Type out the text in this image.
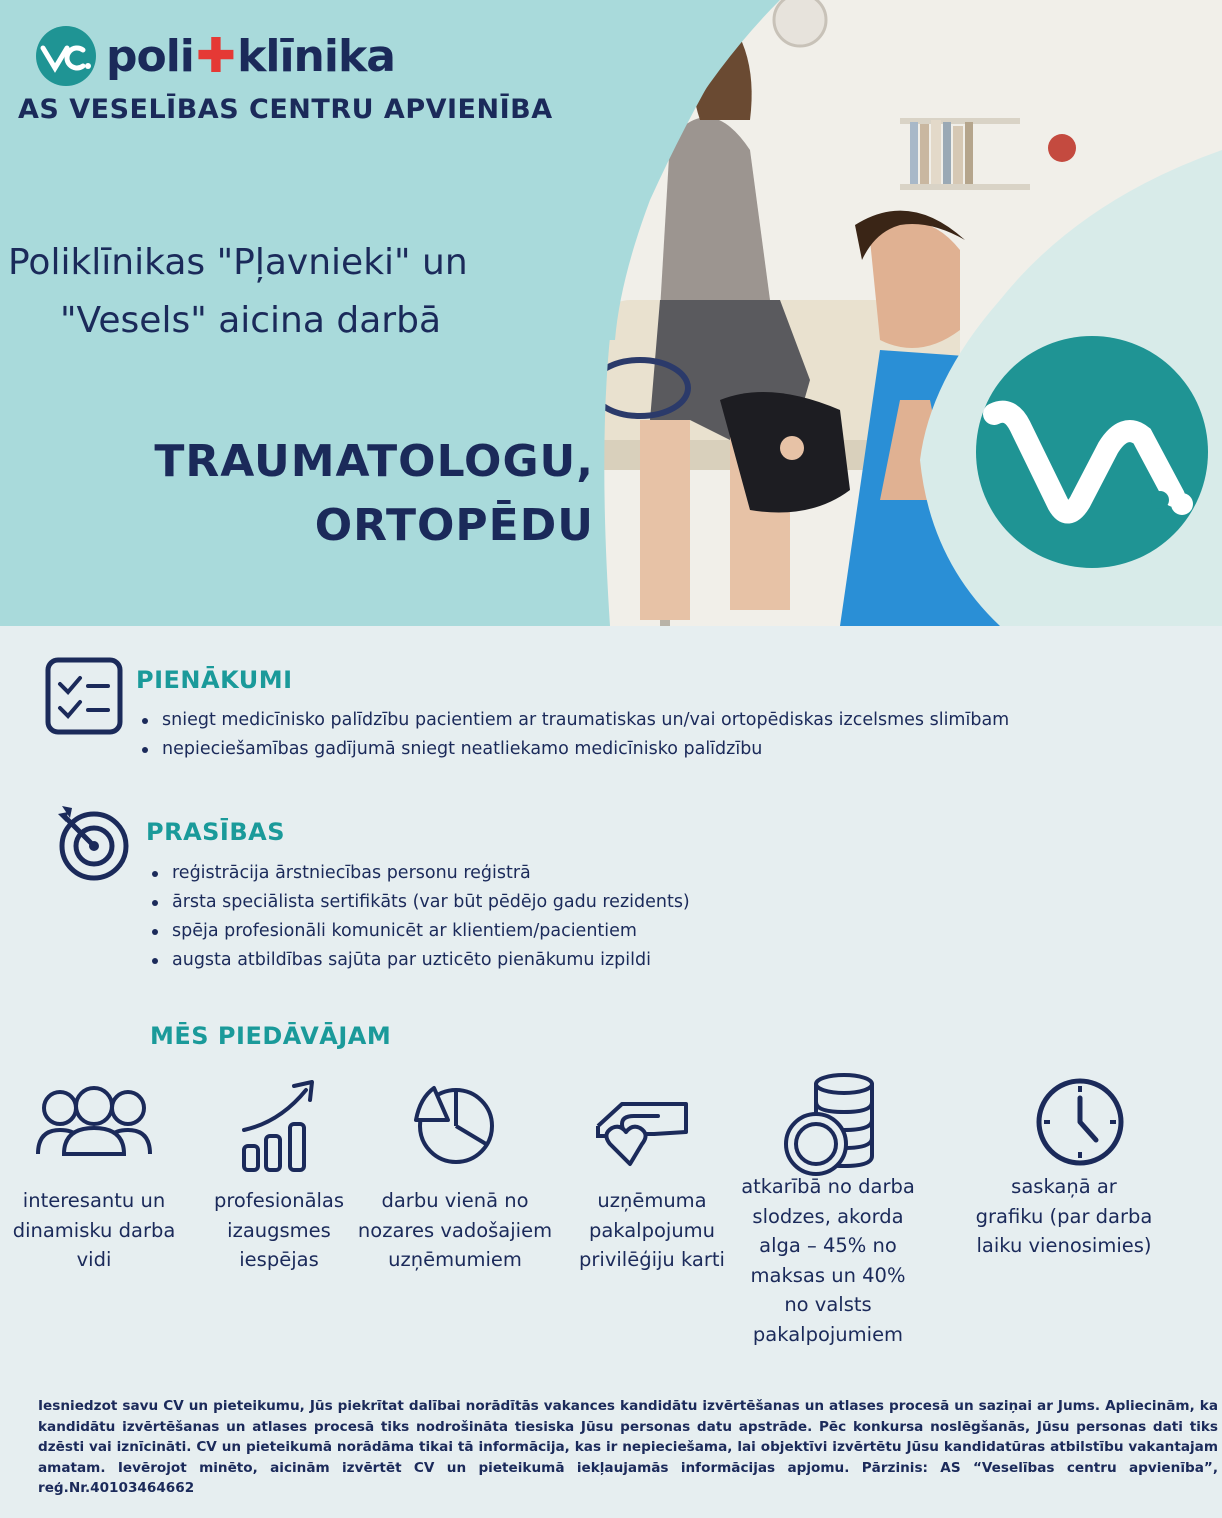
poli ✚ klīnika
AS VESELĪBAS CENTRU APVIENĪBA
Poliklīnikas "Pļavnieki" un
"Vesels" aicina darbā
TRAUMATOLOGU,
ORTOPĒDU
PIENĀKUMI
sniegt medicīnisko palīdzību pacientiem ar traumatiskas un/vai ortopēdiskas izcelsmes slimībam
nepieciešamības gadījumā sniegt neatliekamo medicīnisko palīdzību
PRASĪBAS
reģistrācija ārstniecības personu reģistrā
ārsta speciālista sertifikāts (var būt pēdējo gadu rezidents)
spēja profesionāli komunicēt ar klientiem/pacientiem
augsta atbildības sajūta par uzticēto pienākumu izpildi
MĒS PIEDĀVĀJAM
interesantu un
dinamisku darba
vidi
profesionālas
izaugsmes
iespējas
darbu vienā no
nozares vadošajiem
uzņēmumiem
uzņēmuma
pakalpojumu
privilēģiju karti
atkarībā no darba
slodzes, akorda
alga – 45% no
maksas un 40%
no valsts
pakalpojumiem
saskaņā ar
grafiku (par darba
laiku vienosimies)
Iesniedzot savu CV un pieteikumu, Jūs piekrītat dalībai norādītās vakances kandidātu izvērtēšanas un atlases procesā un saziņai ar Jums. Apliecinām, ka kandidātu izvērtēšanas un atlases procesā tiks nodrošināta tiesiska Jūsu personas datu apstrāde. Pēc konkursa noslēgšanās, Jūsu personas dati tiks dzēsti vai iznīcināti. CV un pieteikumā norādāma tikai tā informācija, kas ir nepieciešama, lai objektīvi izvērtētu Jūsu kandidatūras atbilstību vakantajam amatam. Ievērojot minēto, aicinām izvērtēt CV un pieteikumā iekļaujamās informācijas apjomu. Pārzinis: AS “Veselības centru apvienība”, reģ.Nr.40103464662
